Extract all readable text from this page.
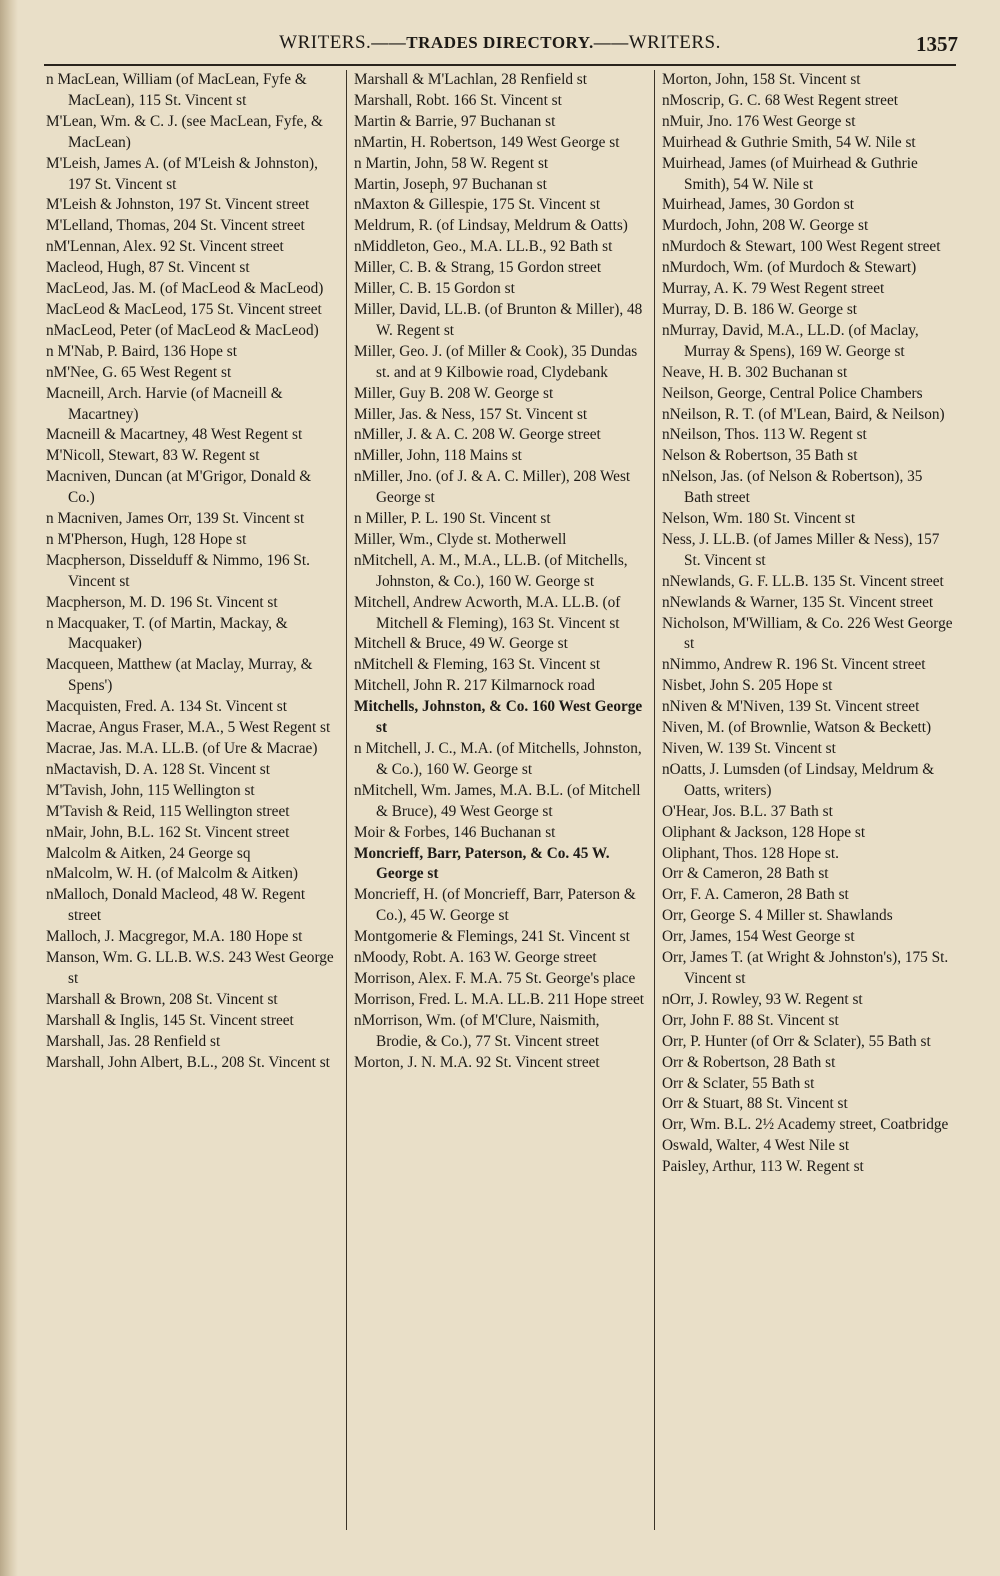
WRITERS.——TRADES DIRECTORY.——WRITERS.	1357
n MacLean, William (of MacLean, Fyfe & MacLean), 115 St. Vincent st
M'Lean, Wm. & C. J. (see MacLean, Fyfe, & MacLean)
M'Leish, James A. (of M'Leish & Johnston), 197 St. Vincent st
M'Leish & Johnston, 197 St. Vincent street
M'Lelland, Thomas, 204 St. Vincent street
nM'Lennan, Alex. 92 St. Vincent street
Macleod, Hugh, 87 St. Vincent st
MacLeod, Jas. M. (of MacLeod & MacLeod)
MacLeod & MacLeod, 175 St. Vincent street
nMacLeod, Peter (of MacLeod & MacLeod)
n M'Nab, P. Baird, 136 Hope st
nM'Nee, G. 65 West Regent st
Macneill, Arch. Harvie (of Macneill & Macartney)
Macneill & Macartney, 48 West Regent st
M'Nicoll, Stewart, 83 W. Regent st
Macniven, Duncan (at M'Grigor, Donald & Co.)
n Macniven, James Orr, 139 St. Vincent st
n M'Pherson, Hugh, 128 Hope st
Macpherson, Disselduff & Nimmo, 196 St. Vincent st
Macpherson, M. D. 196 St. Vincent st
n Macquaker, T. (of Martin, Mackay, & Macquaker)
Macqueen, Matthew (at Maclay, Murray, & Spens')
Macquisten, Fred. A. 134 St. Vincent st
Macrae, Angus Fraser, M.A., 5 West Regent st
Macrae, Jas. M.A. LL.B. (of Ure & Macrae)
nMactavish, D. A. 128 St. Vincent st
M'Tavish, John, 115 Wellington st
M'Tavish & Reid, 115 Wellington street
nMair, John, B.L. 162 St. Vincent street
Malcolm & Aitken, 24 George sq
nMalcolm, W. H. (of Malcolm & Aitken)
nMalloch, Donald Macleod, 48 W. Regent street
Malloch, J. Macgregor, M.A. 180 Hope st
Manson, Wm. G. LL.B. W.S. 243 West George st
Marshall & Brown, 208 St. Vincent st
Marshall & Inglis, 145 St. Vincent street
Marshall, Jas. 28 Renfield st
Marshall, John Albert, B.L., 208 St. Vincent st
Marshall & M'Lachlan, 28 Renfield st
Marshall, Robt. 166 St. Vincent st
Martin & Barrie, 97 Buchanan st
nMartin, H. Robertson, 149 West George st
n Martin, John, 58 W. Regent st
Martin, Joseph, 97 Buchanan st
nMaxton & Gillespie, 175 St. Vincent st
Meldrum, R. (of Lindsay, Meldrum & Oatts)
nMiddleton, Geo., M.A. LL.B., 92 Bath st
Miller, C. B. & Strang, 15 Gordon street
Miller, C. B. 15 Gordon st
Miller, David, LL.B. (of Brunton & Miller), 48 W. Regent st
Miller, Geo. J. (of Miller & Cook), 35 Dundas st. and at 9 Kilbowie road, Clydebank
Miller, Guy B. 208 W. George st
Miller, Jas. & Ness, 157 St. Vincent st
nMiller, J. & A. C. 208 W. George street
nMiller, John, 118 Mains st
nMiller, Jno. (of J. & A. C. Miller), 208 West George st
n Miller, P. L. 190 St. Vincent st
Miller, Wm., Clyde st. Motherwell
nMitchell, A. M., M.A., LL.B. (of Mitchells, Johnston, & Co.), 160 W. George st
Mitchell, Andrew Acworth, M.A. LL.B. (of Mitchell & Fleming), 163 St. Vincent st
Mitchell & Bruce, 49 W. George st
nMitchell & Fleming, 163 St. Vincent st
Mitchell, John R. 217 Kilmarnock road
Mitchells, Johnston, & Co. 160 West George st
n Mitchell, J. C., M.A. (of Mitchells, Johnston, & Co.), 160 W. George st
nMitchell, Wm. James, M.A. B.L. (of Mitchell & Bruce), 49 West George st
Moir & Forbes, 146 Buchanan st
Moncrieff, Barr, Paterson, & Co. 45 W. George st
Moncrieff, H. (of Moncrieff, Barr, Paterson & Co.), 45 W. George st
Montgomerie & Flemings, 241 St. Vincent st
nMoody, Robt. A. 163 W. George street
Morrison, Alex. F. M.A. 75 St. George's place
Morrison, Fred. L. M.A. LL.B. 211 Hope street
nMorrison, Wm. (of M'Clure, Naismith, Brodie, & Co.), 77 St. Vincent street
Morton, J. N. M.A. 92 St. Vincent street
Morton, John, 158 St. Vincent st
nMoscrip, G. C. 68 West Regent street
nMuir, Jno. 176 West George st
Muirhead & Guthrie Smith, 54 W. Nile st
Muirhead, James (of Muirhead & Guthrie Smith), 54 W. Nile st
Muirhead, James, 30 Gordon st
Murdoch, John, 208 W. George st
nMurdoch & Stewart, 100 West Regent street
nMurdoch, Wm. (of Murdoch & Stewart)
Murray, A. K. 79 West Regent street
Murray, D. B. 186 W. George st
nMurray, David, M.A., LL.D. (of Maclay, Murray & Spens), 169 W. George st
Neave, H. B. 302 Buchanan st
Neilson, George, Central Police Chambers
nNeilson, R. T. (of M'Lean, Baird, & Neilson)
nNeilson, Thos. 113 W. Regent st
Nelson & Robertson, 35 Bath st
nNelson, Jas. (of Nelson & Robertson), 35 Bath street
Nelson, Wm. 180 St. Vincent st
Ness, J. LL.B. (of James Miller & Ness), 157 St. Vincent st
nNewlands, G. F. LL.B. 135 St. Vincent street
nNewlands & Warner, 135 St. Vincent street
Nicholson, M'William, & Co. 226 West George st
nNimmo, Andrew R. 196 St. Vincent street
Nisbet, John S. 205 Hope st
nNiven & M'Niven, 139 St. Vincent street
Niven, M. (of Brownlie, Watson & Beckett)
Niven, W. 139 St. Vincent st
nOatts, J. Lumsden (of Lindsay, Meldrum & Oatts, writers)
O'Hear, Jos. B.L. 37 Bath st
Oliphant & Jackson, 128 Hope st
Oliphant, Thos. 128 Hope st.
Orr & Cameron, 28 Bath st
Orr, F. A. Cameron, 28 Bath st
Orr, George S. 4 Miller st. Shawlands
Orr, James, 154 West George st
Orr, James T. (at Wright & Johnston's), 175 St. Vincent st
nOrr, J. Rowley, 93 W. Regent st
Orr, John F. 88 St. Vincent st
Orr, P. Hunter (of Orr & Sclater), 55 Bath st
Orr & Robertson, 28 Bath st
Orr & Sclater, 55 Bath st
Orr & Stuart, 88 St. Vincent st
Orr, Wm. B.L. 2½ Academy street, Coatbridge
Oswald, Walter, 4 West Nile st
Paisley, Arthur, 113 W. Regent st
